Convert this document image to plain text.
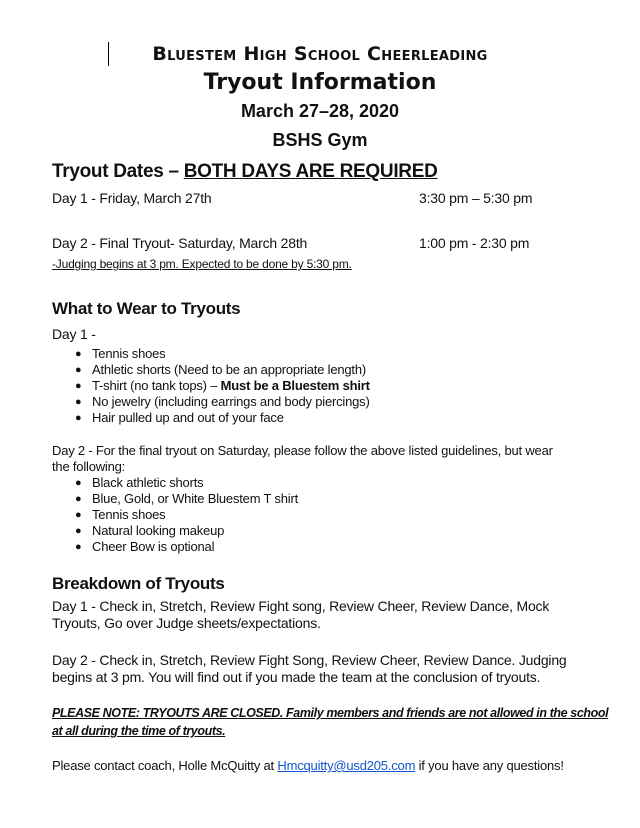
Bluestem High School Cheerleading
Tryout Information
March 27–28, 2020
BSHS Gym
Tryout Dates – BOTH DAYS ARE REQUIRED
Day 1 - Friday, March 27th	3:30 pm – 5:30 pm
Day 2 - Final Tryout- Saturday, March 28th	1:00 pm - 2:30 pm
-Judging begins at 3 pm. Expected to be done by 5:30 pm.
What to Wear to Tryouts
Day 1 -
● Tennis shoes
● Athletic shorts (Need to be an appropriate length)
● T-shirt (no tank tops) – Must be a Bluestem shirt
● No jewelry (including earrings and body piercings)
● Hair pulled up and out of your face
Day 2 - For the final tryout on Saturday, please follow the above listed guidelines, but wear
the following:
● Black athletic shorts
● Blue, Gold, or White Bluestem T shirt
● Tennis shoes
● Natural looking makeup
● Cheer Bow is optional
Breakdown of Tryouts
Day 1 - Check in, Stretch, Review Fight song, Review Cheer, Review Dance, Mock
Tryouts, Go over Judge sheets/expectations.
Day 2 - Check in, Stretch, Review Fight Song, Review Cheer, Review Dance. Judging
begins at 3 pm. You will find out if you made the team at the conclusion of tryouts.
PLEASE NOTE: TRYOUTS ARE CLOSED. Family members and friends are not allowed in the school
at all during the time of tryouts.
Please contact coach, Holle McQuitty at Hmcquitty@usd205.com if you have any questions!
